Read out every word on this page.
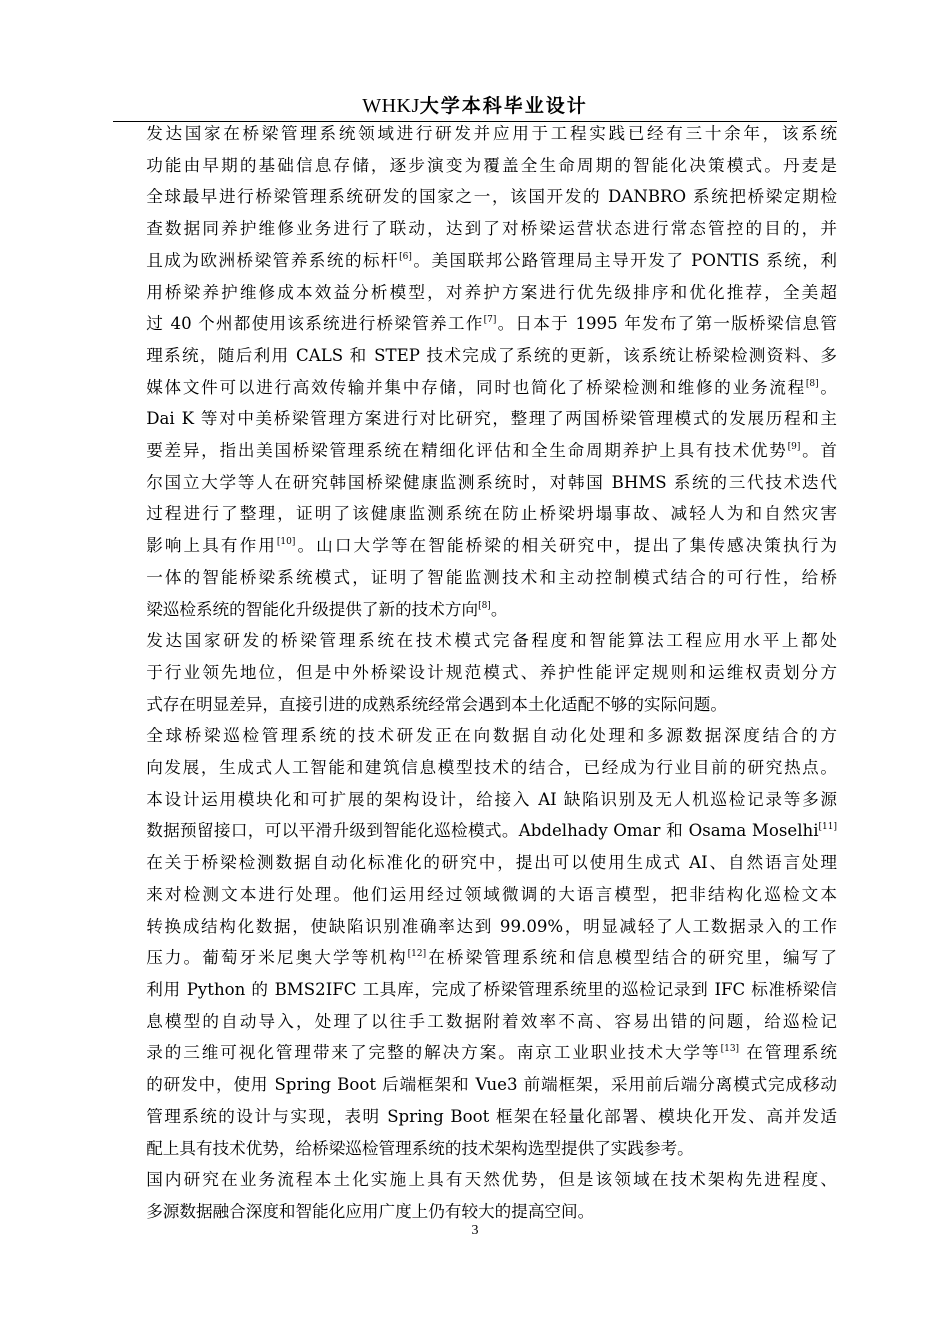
WHKJ大学本科毕业设计

发达国家在桥梁管理系统领域进行研发并应用于工程实践已经有三十余年，该系统
功能由早期的基础信息存储，逐步演变为覆盖全生命周期的智能化决策模式。丹麦是
全球最早进行桥梁管理系统研发的国家之一，该国开发的 DANBRO 系统把桥梁定期检
查数据同养护维修业务进行了联动，达到了对桥梁运营状态进行常态管控的目的，并
且成为欧洲桥梁管养系统的标杆[6]。美国联邦公路管理局主导开发了 PONTIS 系统，利
用桥梁养护维修成本效益分析模型，对养护方案进行优先级排序和优化推荐，全美超
过 40 个州都使用该系统进行桥梁管养工作[7]。日本于 1995 年发布了第一版桥梁信息管
理系统，随后利用 CALS 和 STEP 技术完成了系统的更新，该系统让桥梁检测资料、多
媒体文件可以进行高效传输并集中存储，同时也简化了桥梁检测和维修的业务流程[8]。
Dai K 等对中美桥梁管理方案进行对比研究，整理了两国桥梁管理模式的发展历程和主
要差异，指出美国桥梁管理系统在精细化评估和全生命周期养护上具有技术优势[9]。首
尔国立大学等人在研究韩国桥梁健康监测系统时，对韩国 BHMS 系统的三代技术迭代
过程进行了整理，证明了该健康监测系统在防止桥梁坍塌事故、减轻人为和自然灾害
影响上具有作用[10]。山口大学等在智能桥梁的相关研究中，提出了集传感决策执行为
一体的智能桥梁系统模式，证明了智能监测技术和主动控制模式结合的可行性，给桥
梁巡检系统的智能化升级提供了新的技术方向[8]。

发达国家研发的桥梁管理系统在技术模式完备程度和智能算法工程应用水平上都处
于行业领先地位，但是中外桥梁设计规范模式、养护性能评定规则和运维权责划分方
式存在明显差异，直接引进的成熟系统经常会遇到本土化适配不够的实际问题。

全球桥梁巡检管理系统的技术研发正在向数据自动化处理和多源数据深度结合的方
向发展，生成式人工智能和建筑信息模型技术的结合，已经成为行业目前的研究热点。
本设计运用模块化和可扩展的架构设计，给接入 AI 缺陷识别及无人机巡检记录等多源
数据预留接口，可以平滑升级到智能化巡检模式。Abdelhady Omar 和 Osama Moselhi[11]
在关于桥梁检测数据自动化标准化的研究中，提出可以使用生成式 AI、自然语言处理
来对检测文本进行处理。他们运用经过领域微调的大语言模型，把非结构化巡检文本
转换成结构化数据，使缺陷识别准确率达到 99.09%，明显减轻了人工数据录入的工作
压力。葡萄牙米尼奥大学等机构[12]在桥梁管理系统和信息模型结合的研究里，编写了
利用 Python 的 BMS2IFC 工具库，完成了桥梁管理系统里的巡检记录到 IFC 标准桥梁信
息模型的自动导入，处理了以往手工数据附着效率不高、容易出错的问题，给巡检记
录的三维可视化管理带来了完整的解决方案。南京工业职业技术大学等[13] 在管理系统
的研发中，使用 Spring Boot 后端框架和 Vue3 前端框架，采用前后端分离模式完成移动
管理系统的设计与实现，表明 Spring Boot 框架在轻量化部署、模块化开发、高并发适
配上具有技术优势，给桥梁巡检管理系统的技术架构选型提供了实践参考。

国内研究在业务流程本土化实施上具有天然优势，但是该领域在技术架构先进程度、
多源数据融合深度和智能化应用广度上仍有较大的提高空间。

3
